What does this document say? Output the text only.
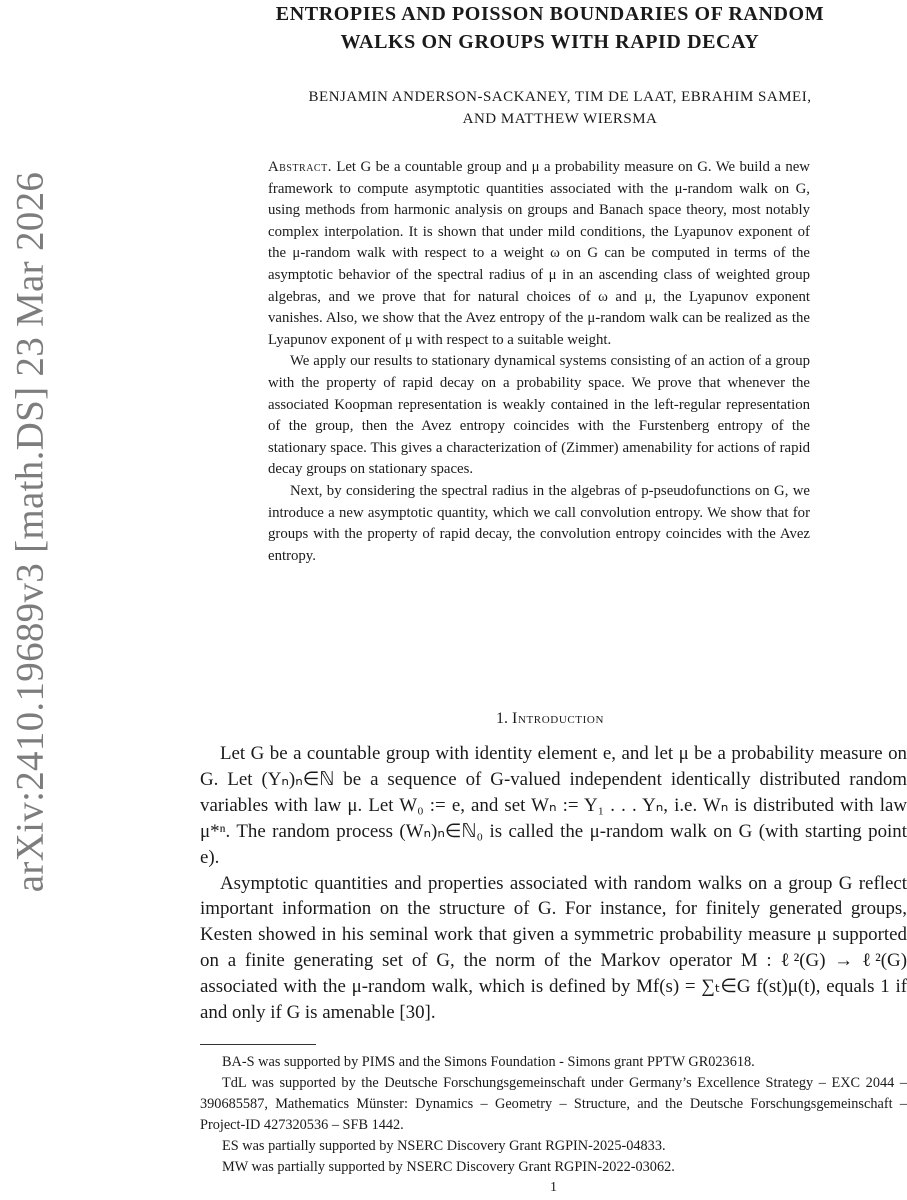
arXiv:2410.19689v3 [math.DS] 23 Mar 2026
ENTROPIES AND POISSON BOUNDARIES OF RANDOM
WALKS ON GROUPS WITH RAPID DECAY
BENJAMIN ANDERSON-SACKANEY, TIM DE LAAT, EBRAHIM SAMEI,
AND MATTHEW WIERSMA

Abstract. Let G be a countable group and μ a probability measure on G. We build a new framework to compute asymptotic quantities associated with the μ-random walk on G, using methods from harmonic analysis on groups and Banach space theory, most notably complex interpolation. It is shown that under mild conditions, the Lyapunov exponent of the μ-random walk with respect to a weight ω on G can be computed in terms of the asymptotic behavior of the spectral radius of μ in an ascending class of weighted group algebras, and we prove that for natural choices of ω and μ, the Lyapunov exponent vanishes. Also, we show that the Avez entropy of the μ-random walk can be realized as the Lyapunov exponent of μ with respect to a suitable weight.

We apply our results to stationary dynamical systems consisting of an action of a group with the property of rapid decay on a probability space. We prove that whenever the associated Koopman representation is weakly contained in the left-regular representation of the group, then the Avez entropy coincides with the Furstenberg entropy of the stationary space. This gives a characterization of (Zimmer) amenability for actions of rapid decay groups on stationary spaces.

Next, by considering the spectral radius in the algebras of p-pseudofunctions on G, we introduce a new asymptotic quantity, which we call convolution entropy. We show that for groups with the property of rapid decay, the convolution entropy coincides with the Avez entropy.

1. Introduction

Let G be a countable group with identity element e, and let μ be a probability measure on G. Let (Yₙ)ₙ∈ℕ be a sequence of G-valued independent identically distributed random variables with law μ. Let W₀ := e, and set Wₙ := Y₁ . . . Yₙ, i.e. Wₙ is distributed with law μ*ⁿ. The random process (Wₙ)ₙ∈ℕ₀ is called the μ-random walk on G (with starting point e).

Asymptotic quantities and properties associated with random walks on a group G reflect important information on the structure of G. For instance, for finitely generated groups, Kesten showed in his seminal work that given a symmetric probability measure μ supported on a finite generating set of G, the norm of the Markov operator M : ℓ²(G) → ℓ²(G) associated with the μ-random walk, which is defined by Mf(s) = ∑ₜ∈G f(st)μ(t), equals 1 if and only if G is amenable [30].

BA-S was supported by PIMS and the Simons Foundation - Simons grant PPTW GR023618.

TdL was supported by the Deutsche Forschungsgemeinschaft under Germany’s Excellence Strategy – EXC 2044 – 390685587, Mathematics Münster: Dynamics – Geometry – Structure, and the Deutsche Forschungsgemeinschaft – Project-ID 427320536 – SFB 1442.

ES was partially supported by NSERC Discovery Grant RGPIN-2025-04833.

MW was partially supported by NSERC Discovery Grant RGPIN-2022-03062.

1
